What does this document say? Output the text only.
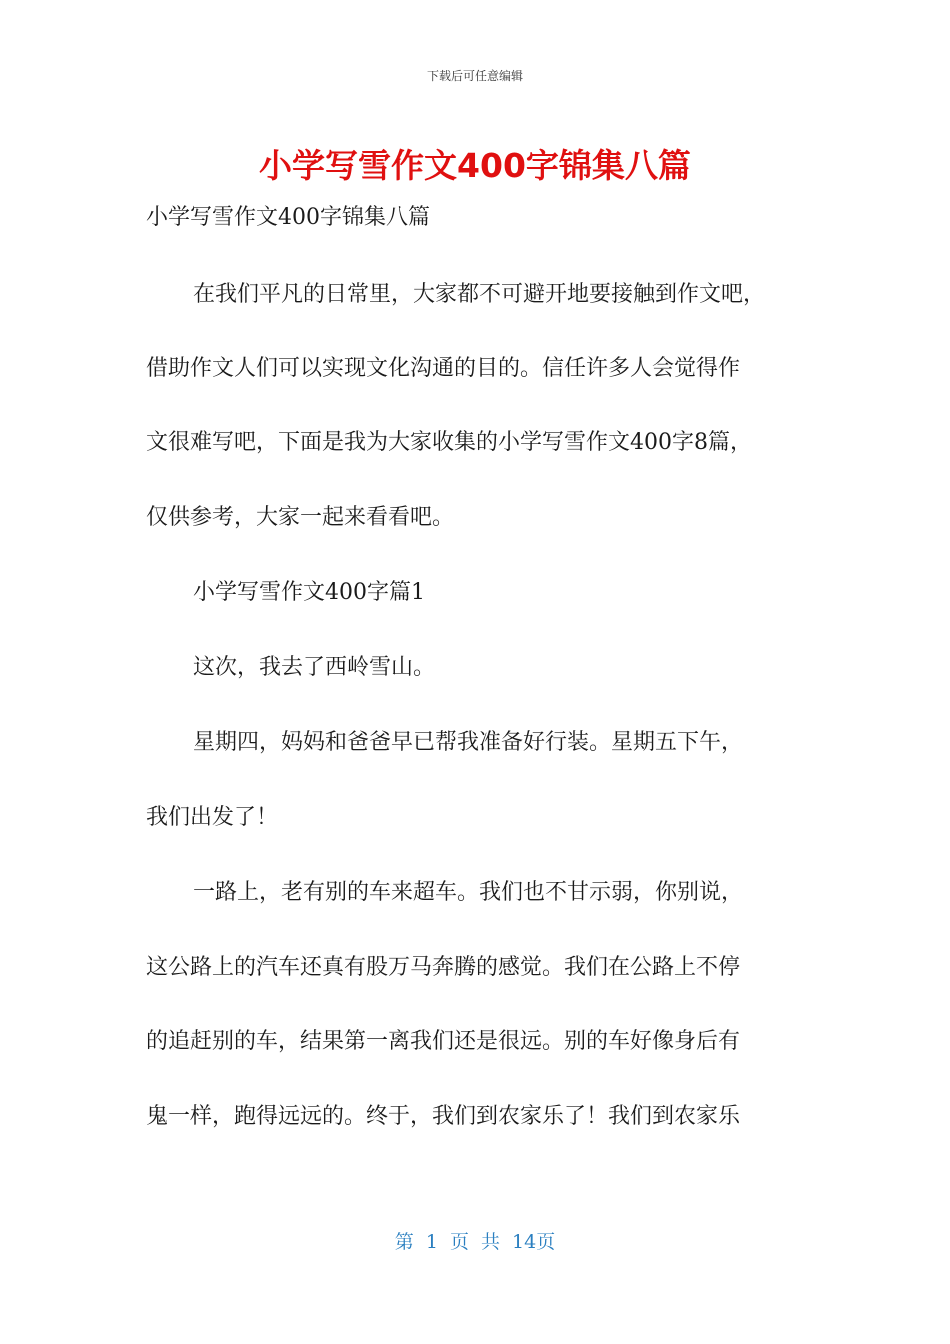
下载后可任意编辑
小学写雪作文400字锦集八篇
小学写雪作文400字锦集八篇
在我们平凡的日常里，大家都不可避开地要接触到作文吧，
借助作文人们可以实现文化沟通的目的。信任许多人会觉得作
文很难写吧，下面是我为大家收集的小学写雪作文400字8篇，
仅供参考，大家一起来看看吧。
小学写雪作文400字篇1
这次，我去了西岭雪山。
星期四，妈妈和爸爸早已帮我准备好行装。星期五下午，
我们出发了！
一路上，老有别的车来超车。我们也不甘示弱，你别说，
这公路上的汽车还真有股万马奔腾的感觉。我们在公路上不停
的追赶别的车，结果第一离我们还是很远。别的车好像身后有
鬼一样，跑得远远的。终于，我们到农家乐了！我们到农家乐
第 1 页 共 14页
